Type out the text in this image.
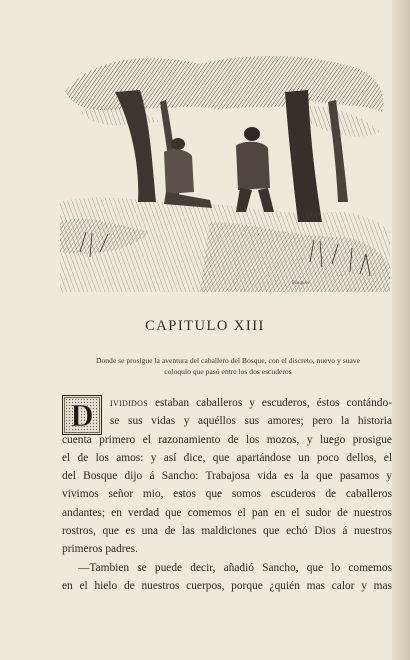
Pasquier
CAPITULO XIII
Donde se prosigue la aventura del caballero del Bosque, con el discreto, nuevo y suave
coloquio que pasó entre los dos escuderos
D	ivididos estaban caballeros y escuderos, éstos contándo-
se sus vidas y aquéllos sus amores; pero la historia
cuenta primero el razonamiento de los mozos, y luego prosigue
el de los amos: y así dice, que apartándose un poco dellos, el
del Bosque dijo á Sancho: Trabajosa vida es la que pasamos y
vivimos señor mio, estos que somos escuderos de caballeros
andantes; en verdad que comemos el pan en el sudor de nuestros
rostros, que es una de las maldiciones que echó Dios á nuestros
primeros padres.
—Tambien se puede decir, añadió Sancho, que lo comemos
en el hielo de nuestros cuerpos, porque ¿quién mas calor y mas
